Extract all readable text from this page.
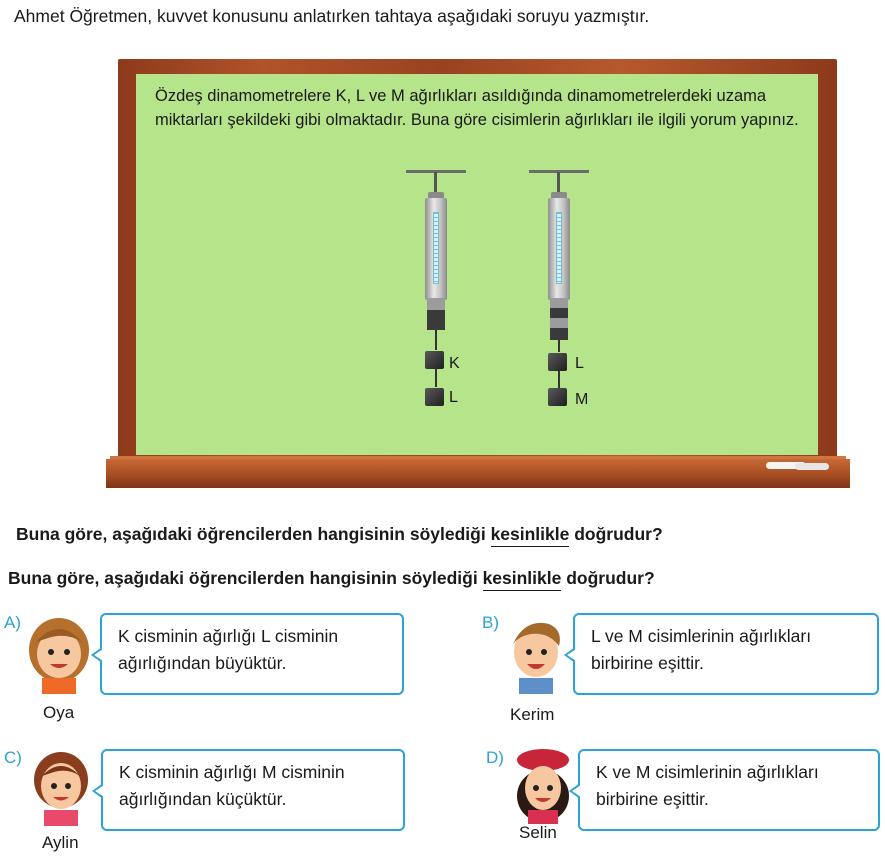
Ahmet Öğretmen, kuvvet konusunu anlatırken tahtaya aşağıdaki soruyu yazmıştır.
Özdeş dinamometrelere K, L ve M ağırlıkları asıldığında dinamometrelerdeki uzama miktarları şekildeki gibi olmaktadır. Buna göre cisimlerin ağırlıkları ile ilgili yorum yapınız.
K
L
L
M
Buna göre, aşağıdaki öğrencilerden hangisinin söylediği kesinlikle doğrudur?
Buna göre, aşağıdaki öğrencilerden hangisinin söylediği kesinlikle doğrudur?
A)
K cisminin ağırlığı L cisminin
ağırlığından büyüktür.
Oya
B)
L ve M cisimlerinin ağırlıkları
birbirine eşittir.
Kerim
C)
K cisminin ağırlığı M cisminin
ağırlığından küçüktür.
Aylin
D)
K ve M cisimlerinin ağırlıkları
birbirine eşittir.
Selin
